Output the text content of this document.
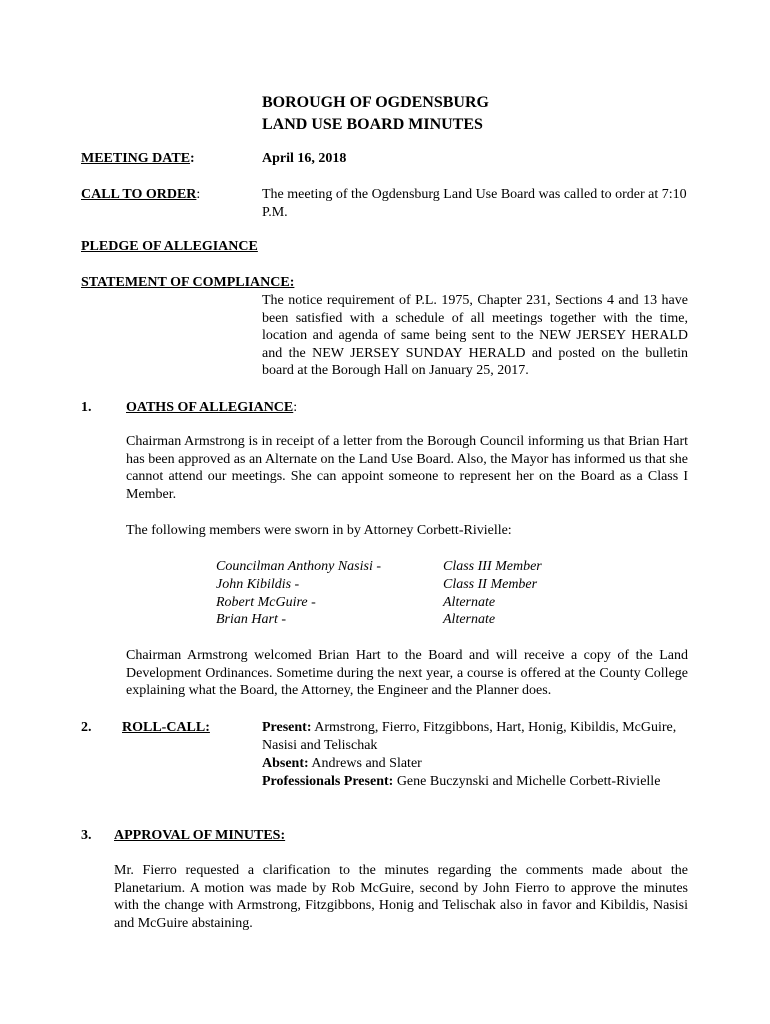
BOROUGH OF OGDENSBURG
LAND USE BOARD MINUTES
MEETING DATE:	April 16, 2018
CALL TO ORDER:	The meeting of the Ogdensburg Land Use Board was called to order at 7:10 P.M.
PLEDGE OF ALLEGIANCE
STATEMENT OF COMPLIANCE:
The notice requirement of P.L. 1975, Chapter 231, Sections 4 and 13 have been satisfied with a schedule of all meetings together with the time, location and agenda of same being sent to the NEW JERSEY HERALD and the NEW JERSEY SUNDAY HERALD and posted on the bulletin board at the Borough Hall on January 25, 2017.
1. OATHS OF ALLEGIANCE:
Chairman Armstrong is in receipt of a letter from the Borough Council informing us that Brian Hart has been approved as an Alternate on the Land Use Board. Also, the Mayor has informed us that she cannot attend our meetings. She can appoint someone to represent her on the Board as a Class I Member.
The following members were sworn in by Attorney Corbett-Rivielle:
Councilman Anthony Nasisi -	Class III Member
John Kibildis -	Class II Member
Robert McGuire -	Alternate
Brian Hart -	Alternate
Chairman Armstrong welcomed Brian Hart to the Board and will receive a copy of the Land Development Ordinances. Sometime during the next year, a course is offered at the County College explaining what the Board, the Attorney, the Engineer and the Planner does.
2. ROLL-CALL:	Present: Armstrong, Fierro, Fitzgibbons, Hart, Honig, Kibildis, McGuire, Nasisi and Telischak
Absent: Andrews and Slater
Professionals Present: Gene Buczynski and Michelle Corbett-Rivielle
3. APPROVAL OF MINUTES:
Mr. Fierro requested a clarification to the minutes regarding the comments made about the Planetarium. A motion was made by Rob McGuire, second by John Fierro to approve the minutes with the change with Armstrong, Fitzgibbons, Honig and Telischak also in favor and Kibildis, Nasisi and McGuire abstaining.
